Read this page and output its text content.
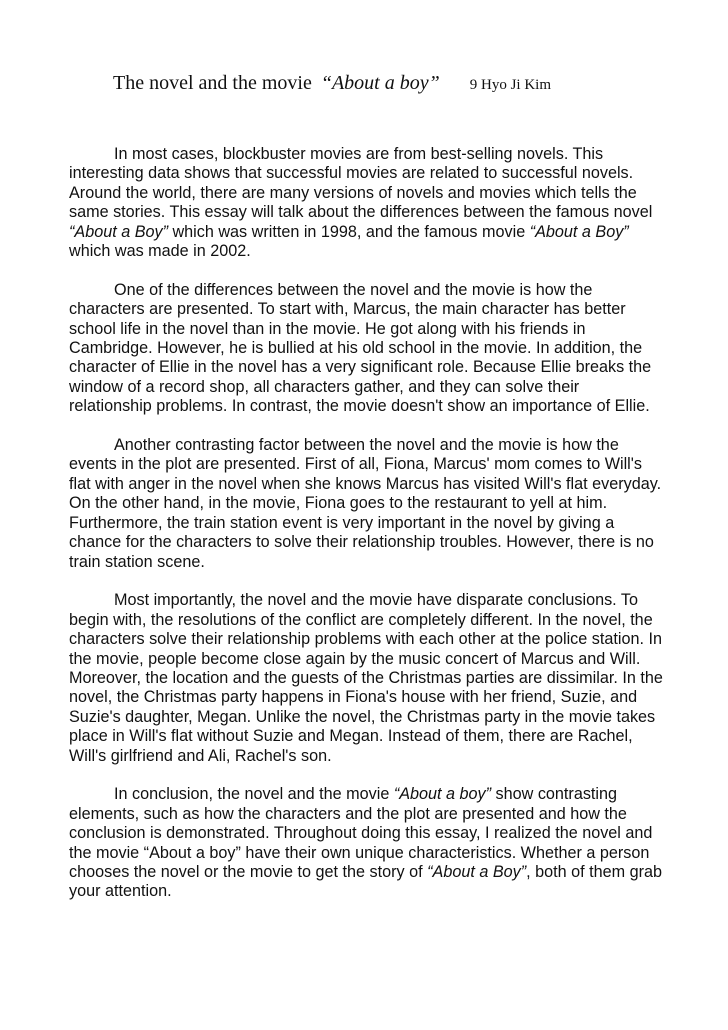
The novel and the movie “About a boy” 9 Hyo Ji Kim

In most cases, blockbuster movies are from best-selling novels. This interesting data shows that successful movies are related to successful novels. Around the world, there are many versions of novels and movies which tells the same stories. This essay will talk about the differences between the famous novel “About a Boy” which was written in 1998, and the famous movie “About a Boy” which was made in 2002.

One of the differences between the novel and the movie is how the characters are presented. To start with, Marcus, the main character has better school life in the novel than in the movie. He got along with his friends in Cambridge. However, he is bullied at his old school in the movie. In addition, the character of Ellie in the novel has a very significant role. Because Ellie breaks the window of a record shop, all characters gather, and they can solve their relationship problems. In contrast, the movie doesn't show an importance of Ellie.

Another contrasting factor between the novel and the movie is how the events in the plot are presented. First of all, Fiona, Marcus' mom comes to Will's flat with anger in the novel when she knows Marcus has visited Will's flat everyday. On the other hand, in the movie, Fiona goes to the restaurant to yell at him. Furthermore, the train station event is very important in the novel by giving a chance for the characters to solve their relationship troubles. However, there is no train station scene.

Most importantly, the novel and the movie have disparate conclusions. To begin with, the resolutions of the conflict are completely different. In the novel, the characters solve their relationship problems with each other at the police station. In the movie, people become close again by the music concert of Marcus and Will. Moreover, the location and the guests of the Christmas parties are dissimilar. In the novel, the Christmas party happens in Fiona's house with her friend, Suzie, and Suzie's daughter, Megan. Unlike the novel, the Christmas party in the movie takes place in Will's flat without Suzie and Megan. Instead of them, there are Rachel, Will's girlfriend and Ali, Rachel's son.

In conclusion, the novel and the movie “About a boy” show contrasting elements, such as how the characters and the plot are presented and how the conclusion is demonstrated. Throughout doing this essay, I realized the novel and the movie “About a boy” have their own unique characteristics. Whether a person chooses the novel or the movie to get the story of “About a Boy”, both of them grab your attention.
